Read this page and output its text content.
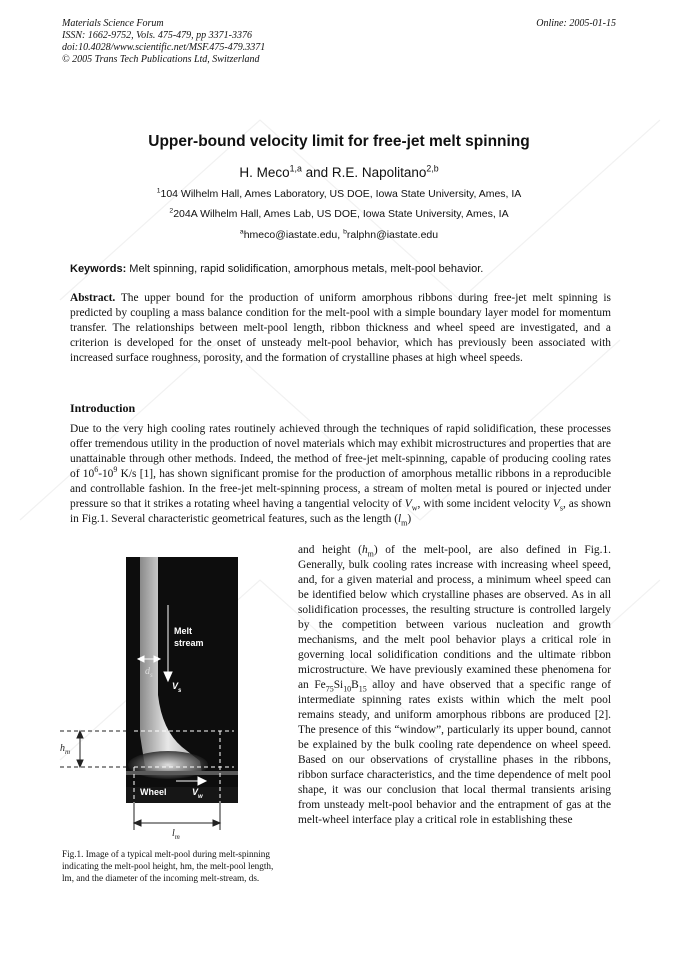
Materials Science Forum
ISSN: 1662-9752, Vols. 475-479, pp 3371-3376
doi:10.4028/www.scientific.net/MSF.475-479.3371
© 2005 Trans Tech Publications Ltd, Switzerland
Online: 2005-01-15
Upper-bound velocity limit for free-jet melt spinning
H. Meco$^{1,a}$ and R.E. Napolitano$^{2,b}$
$^1$104 Wilhelm Hall, Ames Laboratory, US DOE, Iowa State University, Ames, IA
$^2$204A Wilhelm Hall, Ames Lab, US DOE, Iowa State University, Ames, IA
$^a$hmeco@iastate.edu, $^b$ralphn@iastate.edu
Keywords: Melt spinning, rapid solidification, amorphous metals, melt-pool behavior.
Abstract. The upper bound for the production of uniform amorphous ribbons during free-jet melt spinning is predicted by coupling a mass balance condition for the melt-pool with a simple boundary layer model for momentum transfer. The relationships between melt-pool length, ribbon thickness and wheel speed are investigated, and a criterion is developed for the onset of unsteady melt-pool behavior, which has previously been associated with increased surface roughness, porosity, and the formation of crystalline phases at high wheel speeds.
Introduction
Due to the very high cooling rates routinely achieved through the techniques of rapid solidification, these processes offer tremendous utility in the production of novel materials which may exhibit microstructures and properties that are unattainable through other methods. Indeed, the method of free-jet melt-spinning, capable of producing cooling rates of $10^6-10^9$ K/s [1], has shown significant promise for the production of amorphous metallic ribbons in a reproducible and controllable fashion. In the free-jet melt-spinning process, a stream of molten metal is poured or injected under pressure so that it strikes a rotating wheel having a tangential velocity of $V_w$, with some incident velocity $V_s$, as shown in Fig.1. Several characteristic geometrical features, such as the length $(l_m)$
and height $(h_m)$ of the melt-pool, are also defined in Fig.1. Generally, bulk cooling rates increase with increasing wheel speed, and, for a given material and process, a minimum wheel speed can be identified below which crystalline phases are observed. As in all solidification processes, the resulting structure is controlled largely by the competition between various nucleation and growth mechanisms, and the melt pool behavior plays a critical role in governing local solidification conditions and the ultimate ribbon microstructure. We have previously examined these phenomena for an $Fe_{75}Si_{10}B_{15}$ alloy and have observed that a specific range of intermediate spinning rates exists within which the melt pool remains steady, and uniform amorphous ribbons are produced [2]. The presence of this “window”, particularly its upper bound, cannot be explained by the bulk cooling rate dependence on wheel speed. Based on our observations of crystalline phases in the ribbons, ribbon surface characteristics, and the time dependence of melt pool shape, it was our conclusion that local thermal transients arising from unsteady melt-pool behavior and the entrapment of gas at the melt-wheel interface play a critical role in establishing these
Melt
stream
$V_s$
Wheel	$V_w$
$d_s$
$h_m$
$l_m$
Fig.1. Image of a typical melt-pool during melt-spinning indicating the melt-pool height, hm, the melt-pool length, lm, and the diameter of the incoming melt-stream, ds.
